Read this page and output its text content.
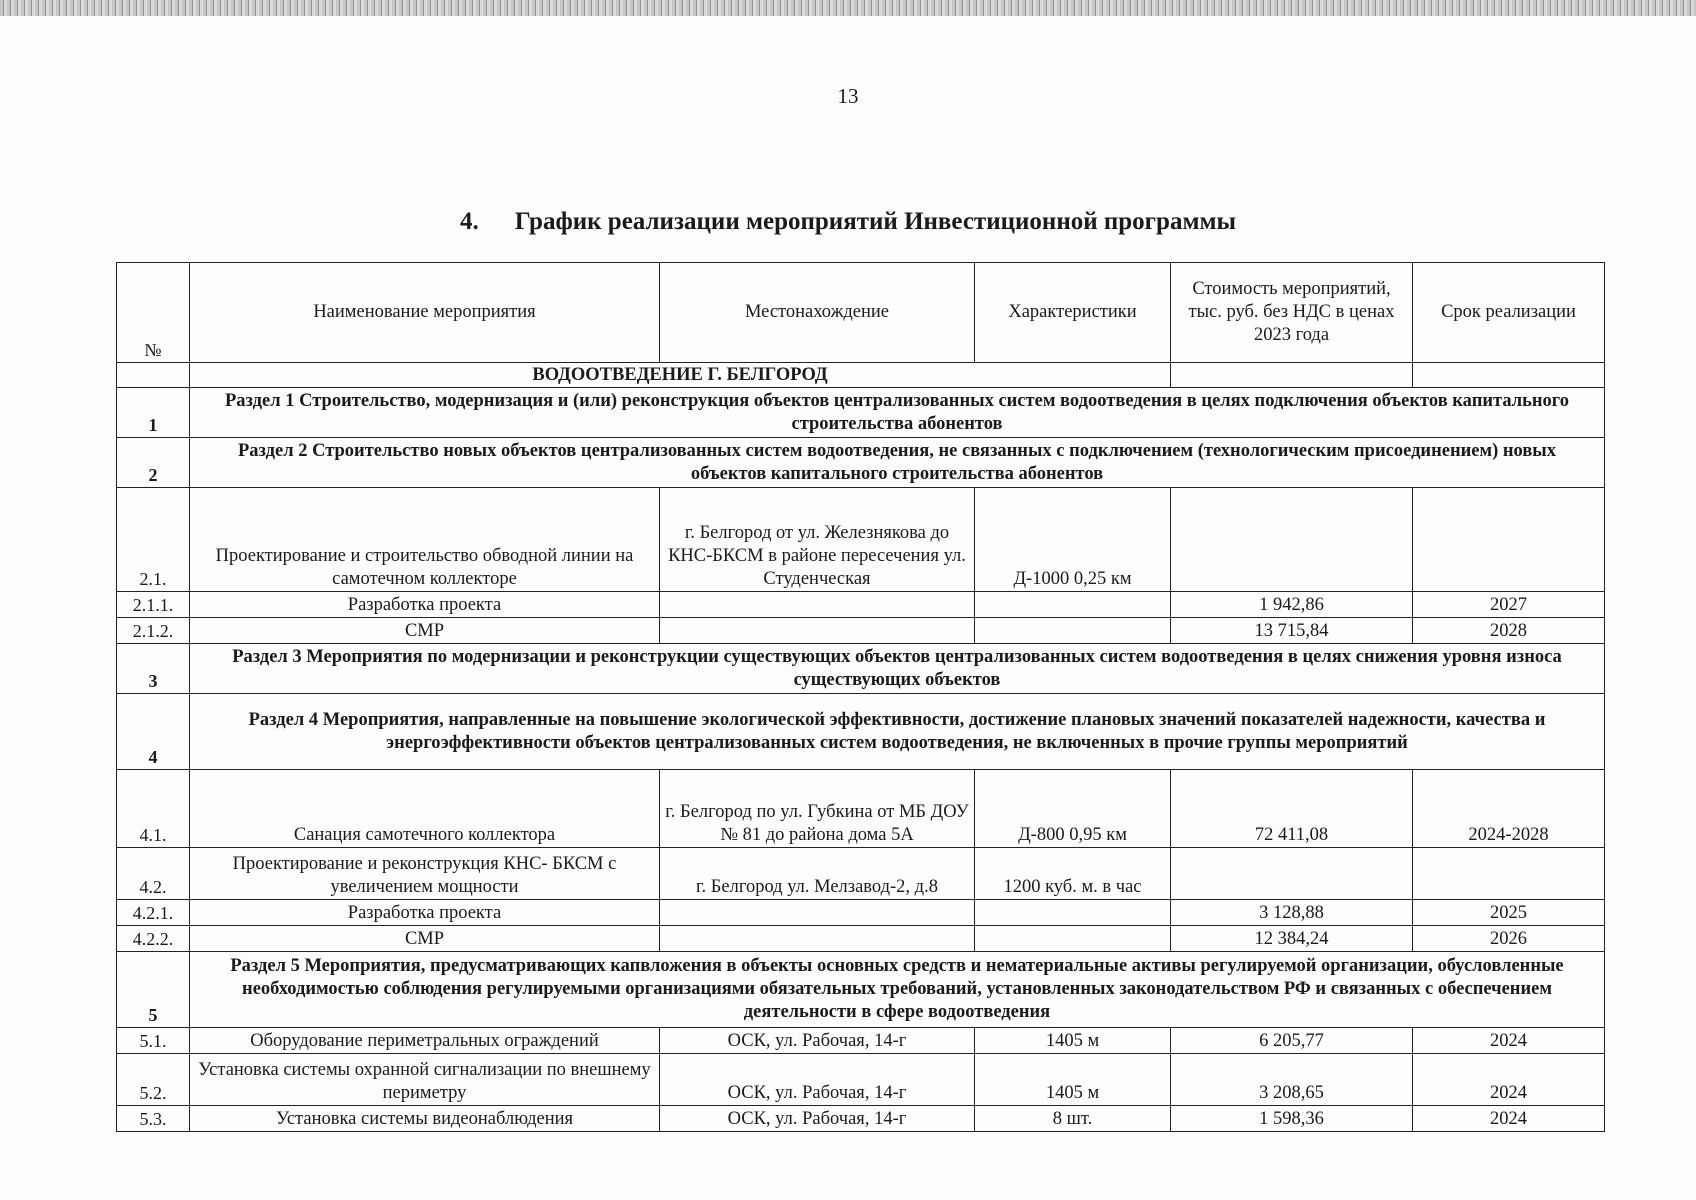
13
4. График реализации мероприятий Инвестиционной программы
№	Наименование мероприятия	Местонахождение	Характеристики	Стоимость мероприятий, тыс. руб. без НДС в ценах 2023 года	Срок реализации
	ВОДООТВЕДЕНИЕ Г. БЕЛГОРОД				
1	Раздел 1 Строительство, модернизация и (или) реконструкция объектов централизованных систем водоотведения в целях подключения объектов капитального строительства абонентов				
2	Раздел 2 Строительство новых объектов централизованных систем водоотведения, не связанных с подключением (технологическим присоединением) новых объектов капитального строительства абонентов				
2.1.	Проектирование и строительство обводной линии на самотечном коллекторе	г. Белгород от ул. Железнякова до КНС-БКСМ в районе пересечения ул. Студенческая	Д-1000 0,25 км		
2.1.1.	Разработка проекта			1 942,86	2027
2.1.2.	СМР			13 715,84	2028
3	Раздел 3 Мероприятия по модернизации и реконструкции существующих объектов централизованных систем водоотведения в целях снижения уровня износа существующих объектов				
4	Раздел 4 Мероприятия, направленные на повышение экологической эффективности, достижение плановых значений показателей надежности, качества и энергоэффективности объектов централизованных систем водоотведения, не включенных в прочие группы мероприятий				
4.1.	Санация самотечного коллектора	г. Белгород по ул. Губкина от МБ ДОУ № 81 до района дома 5А	Д-800 0,95 км	72 411,08	2024-2028
4.2.	Проектирование и реконструкция КНС- БКСМ с увеличением мощности	г. Белгород ул. Мелзавод-2, д.8	1200 куб. м. в час		
4.2.1.	Разработка проекта			3 128,88	2025
4.2.2.	СМР			12 384,24	2026
5	Раздел 5 Мероприятия, предусматривающих капвложения в объекты основных средств и нематериальные активы регулируемой организации, обусловленные необходимостью соблюдения регулируемыми организациями обязательных требований, установленных законодательством РФ и связанных с обеспечением деятельности в сфере водоотведения				
5.1.	Оборудование периметральных ограждений	ОСК, ул. Рабочая, 14-г	1405 м	6 205,77	2024
5.2.	Установка системы охранной сигнализации по внешнему периметру	ОСК, ул. Рабочая, 14-г	1405 м	3 208,65	2024
5.3.	Установка системы видеонаблюдения	ОСК, ул. Рабочая, 14-г	8 шт.	1 598,36	2024
